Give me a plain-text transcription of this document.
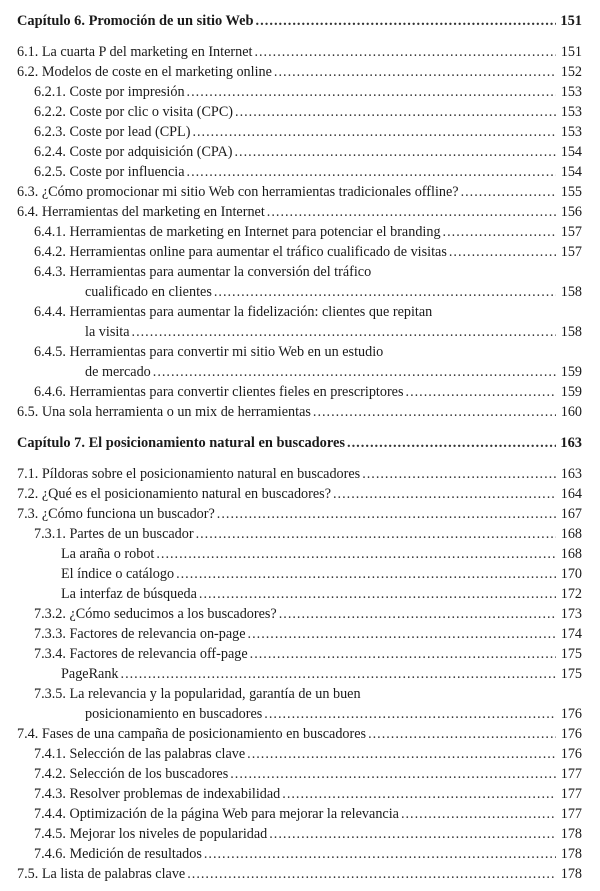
Capítulo 6. Promoción de un sitio Web .....	151
6.1. La cuarta P del marketing en Internet .....	151
6.2. Modelos de coste en el marketing online .....	152
6.2.1. Coste por impresión .....	153
6.2.2. Coste por clic o visita (CPC) .....	153
6.2.3. Coste por lead (CPL) .....	153
6.2.4. Coste por adquisición (CPA) .....	154
6.2.5. Coste por influencia .....	154
6.3. ¿Cómo promocionar mi sitio Web con herramientas tradicionales offline? .....	155
6.4. Herramientas del marketing en Internet .....	156
6.4.1. Herramientas de marketing en Internet para potenciar el branding .....	157
6.4.2. Herramientas online para aumentar el tráfico cualificado de visitas .....	157
6.4.3. Herramientas para aumentar la conversión del tráfico
cualificado en clientes .....	158
6.4.4. Herramientas para aumentar la fidelización: clientes que repitan
la visita .....	158
6.4.5. Herramientas para convertir mi sitio Web en un estudio
de mercado .....	159
6.4.6. Herramientas para convertir clientes fieles en prescriptores .....	159
6.5. Una sola herramienta o un mix de herramientas .....	160
Capítulo 7. El posicionamiento natural en buscadores .....	163
7.1. Píldoras sobre el posicionamiento natural en buscadores .....	163
7.2. ¿Qué es el posicionamiento natural en buscadores? .....	164
7.3. ¿Cómo funciona un buscador? .....	167
7.3.1. Partes de un buscador .....	168
La araña o robot .....	168
El índice o catálogo .....	170
La interfaz de búsqueda .....	172
7.3.2. ¿Cómo seducimos a los buscadores? .....	173
7.3.3. Factores de relevancia on-page .....	174
7.3.4. Factores de relevancia off-page .....	175
PageRank .....	175
7.3.5. La relevancia y la popularidad, garantía de un buen
posicionamiento en buscadores .....	176
7.4. Fases de una campaña de posicionamiento en buscadores .....	176
7.4.1. Selección de las palabras clave .....	176
7.4.2. Selección de los buscadores .....	177
7.4.3. Resolver problemas de indexabilidad .....	177
7.4.4. Optimización de la página Web para mejorar la relevancia .....	177
7.4.5. Mejorar los niveles de popularidad .....	178
7.4.6. Medición de resultados .....	178
7.5. La lista de palabras clave .....	178
